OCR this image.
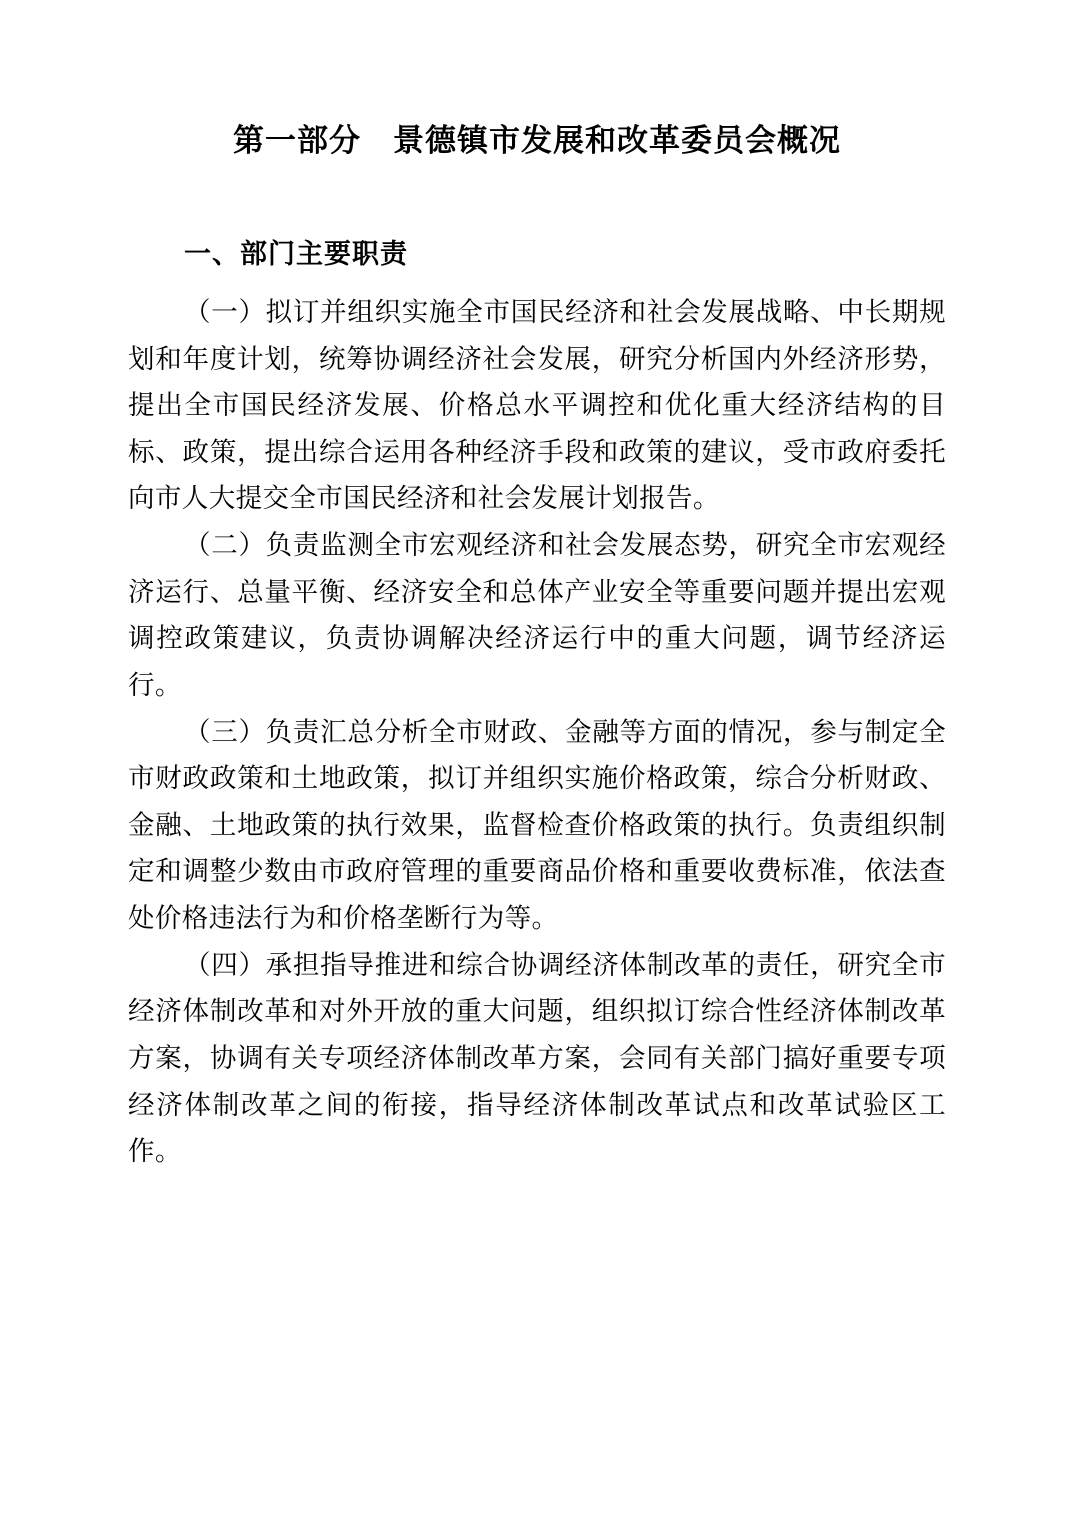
第一部分　景德镇市发展和改革委员会概况
一、部门主要职责

（一）拟订并组织实施全市国民经济和社会发展战略、中长期规划和年度计划，统筹协调经济社会发展，研究分析国内外经济形势，提出全市国民经济发展、价格总水平调控和优化重大经济结构的目标、政策，提出综合运用各种经济手段和政策的建议，受市政府委托向市人大提交全市国民经济和社会发展计划报告。

（二）负责监测全市宏观经济和社会发展态势，研究全市宏观经济运行、总量平衡、经济安全和总体产业安全等重要问题并提出宏观调控政策建议，负责协调解决经济运行中的重大问题，调节经济运行。

（三）负责汇总分析全市财政、金融等方面的情况，参与制定全市财政政策和土地政策，拟订并组织实施价格政策，综合分析财政、金融、土地政策的执行效果，监督检查价格政策的执行。负责组织制定和调整少数由市政府管理的重要商品价格和重要收费标准，依法查处价格违法行为和价格垄断行为等。

（四）承担指导推进和综合协调经济体制改革的责任，研究全市经济体制改革和对外开放的重大问题，组织拟订综合性经济体制改革方案，协调有关专项经济体制改革方案，会同有关部门搞好重要专项经济体制改革之间的衔接，指导经济体制改革试点和改革试验区工作。
